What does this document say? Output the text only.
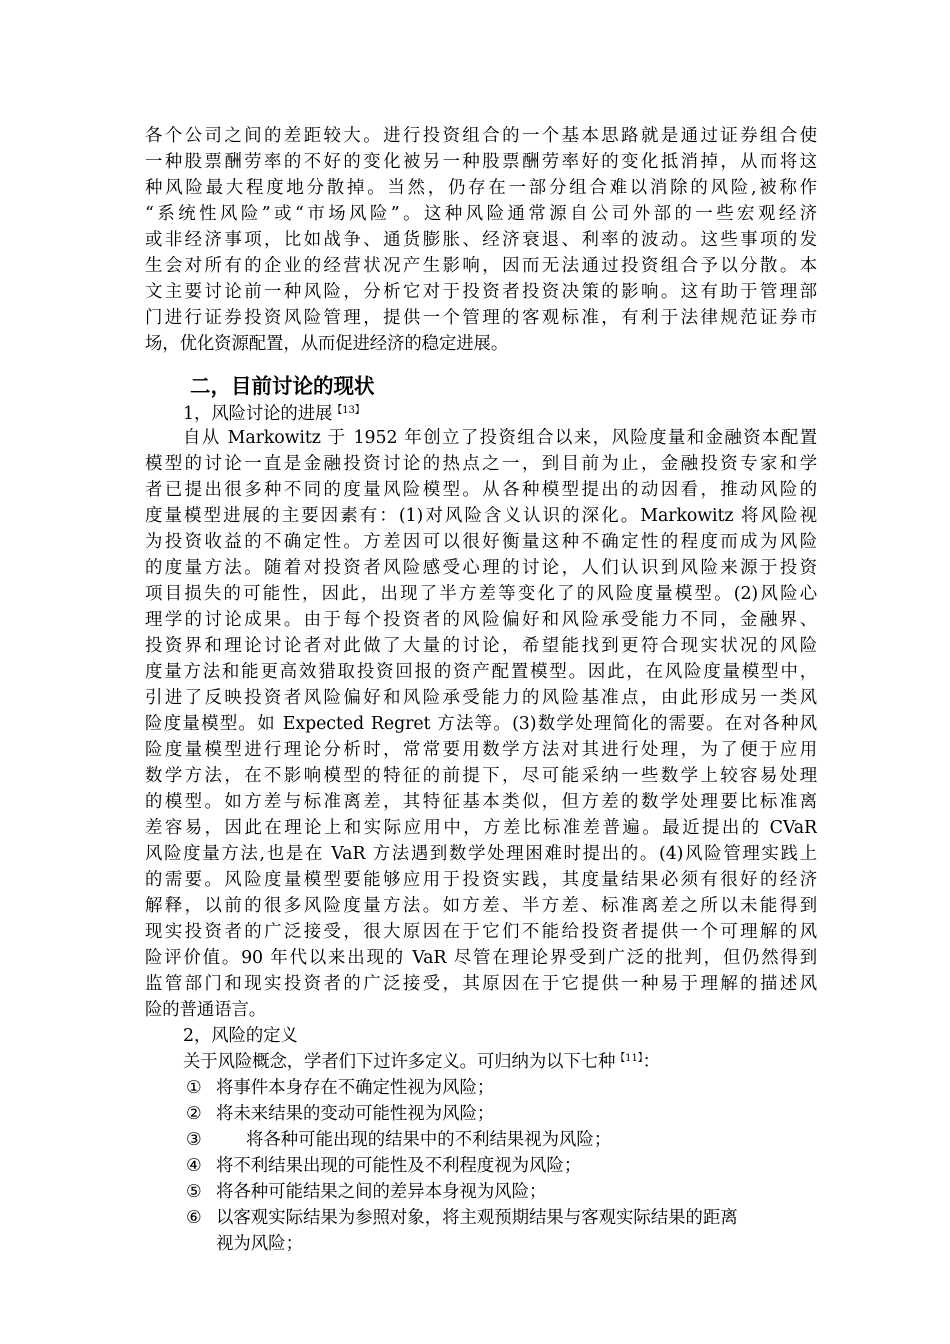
各个公司之间的差距较大。进行投资组合的一个基本思路就是通过证券组合使
一种股票酬劳率的不好的变化被另一种股票酬劳率好的变化抵消掉，从而将这
种风险最大程度地分散掉。当然，仍存在一部分组合难以消除的风险,被称作
“系统性风险”或“市场风险”。这种风险通常源自公司外部的一些宏观经济
或非经济事项，比如战争、通货膨胀、经济衰退、利率的波动。这些事项的发
生会对所有的企业的经营状况产生影响，因而无法通过投资组合予以分散。本
文主要讨论前一种风险，分析它对于投资者投资决策的影响。这有助于管理部
门进行证券投资风险管理，提供一个管理的客观标准，有利于法律规范证券市
场，优化资源配置，从而促进经济的稳定进展。
二，目前讨论的现状
1，风险讨论的进展$^{【13】}$
自从 Markowitz 于 1952 年创立了投资组合以来，风险度量和金融资本配置
模型的讨论一直是金融投资讨论的热点之一，到目前为止，金融投资专家和学
者已提出很多种不同的度量风险模型。从各种模型提出的动因看，推动风险的
度量模型进展的主要因素有：(1)对风险含义认识的深化。Markowitz 将风险视
为投资收益的不确定性。方差因可以很好衡量这种不确定性的程度而成为风险
的度量方法。随着对投资者风险感受心理的讨论，人们认识到风险来源于投资
项目损失的可能性，因此，出现了半方差等变化了的风险度量模型。(2)风险心
理学的讨论成果。由于每个投资者的风险偏好和风险承受能力不同，金融界、
投资界和理论讨论者对此做了大量的讨论，希望能找到更符合现实状况的风险
度量方法和能更高效猎取投资回报的资产配置模型。因此，在风险度量模型中，
引进了反映投资者风险偏好和风险承受能力的风险基准点，由此形成另一类风
险度量模型。如 Expected Regret 方法等。(3)数学处理简化的需要。在对各种风
险度量模型进行理论分析时，常常要用数学方法对其进行处理，为了便于应用
数学方法，在不影响模型的特征的前提下，尽可能采纳一些数学上较容易处理
的模型。如方差与标准离差，其特征基本类似，但方差的数学处理要比标准离
差容易，因此在理论上和实际应用中，方差比标准差普遍。最近提出的 CVaR
风险度量方法,也是在 VaR 方法遇到数学处理困难时提出的。(4)风险管理实践上
的需要。风险度量模型要能够应用于投资实践，其度量结果必须有很好的经济
解释，以前的很多风险度量方法。如方差、半方差、标准离差之所以未能得到
现实投资者的广泛接受，很大原因在于它们不能给投资者提供一个可理解的风
险评价值。90 年代以来出现的 VaR 尽管在理论界受到广泛的批判，但仍然得到
监管部门和现实投资者的广泛接受，其原因在于它提供一种易于理解的描述风
险的普通语言。
2，风险的定义
关于风险概念，学者们下过许多定义。可归纳为以下七种$^{【11】}$：
① 将事件本身存在不确定性视为风险；
② 将未来结果的变动可能性视为风险；
③	将各种可能出现的结果中的不利结果视为风险；
④ 将不利结果出现的可能性及不利程度视为风险；
⑤ 将各种可能结果之间的差异本身视为风险；
⑥ 以客观实际结果为参照对象，将主观预期结果与客观实际结果的距离
视为风险；
